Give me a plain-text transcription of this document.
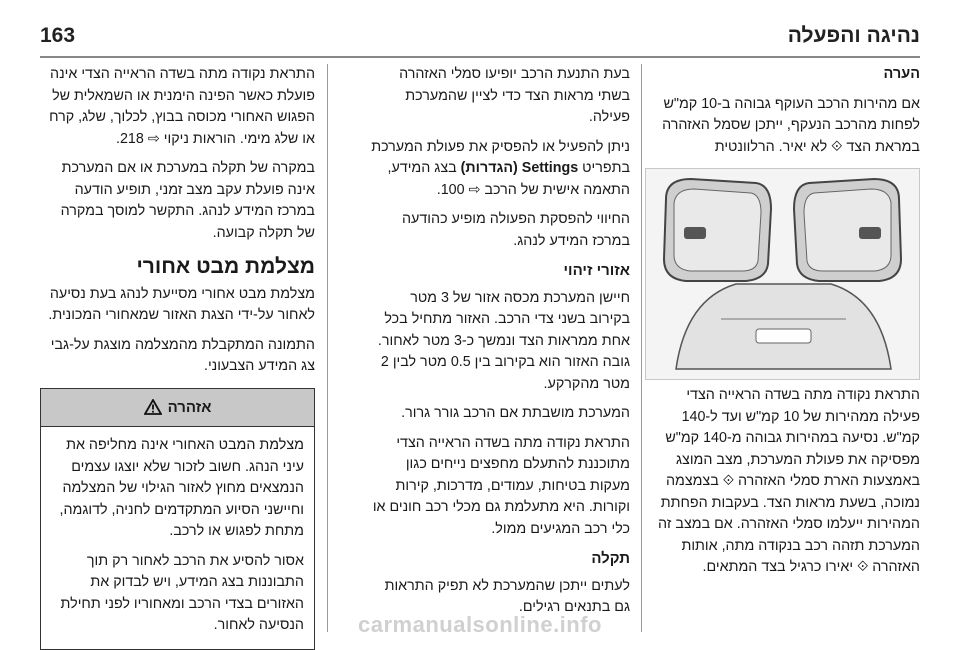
נהיגה והפעלה
163

הערה

אם מהירות הרכב העוקף גבוהה ב-10 קמ"ש לפחות מהרכב הנעקף, ייתכן שסמל האזהרה במראת הצד ⟐ לא יאיר. הרלוונטית

התראת נקודה מתה בשדה הראייה הצדי פעילה ממהירות של 10 קמ"ש ועד ל-140 קמ"ש. נסיעה במהירות גבוהה מ-140 קמ"ש מפסיקה את פעולת המערכת, מצב המוצג באמצעות הארת סמלי האזהרה ⟐ בצמצמה נמוכה, בשעת מראות הצד. בעקבות הפחתת המהירות ייעלמו סמלי האזהרה. אם במצב זה המערכת תזהה רכב בנקודה מתה, אותות האזהרה ⟐ יאירו כרגיל בצד המתאים.

בעת התנעת הרכב יופיעו סמלי האזהרה בשתי מראות הצד כדי לציין שהמערכת פעילה.

ניתן להפעיל או להפסיק את פעולת המערכת בתפריט Settings (הגדרות) בצג המידע, התאמה אישית של הרכב ⇨ 100.

החיווי להפסקת הפעולה מופיע כהודעה במרכז המידע לנהג.

אזורי זיהוי

חיישן המערכת מכסה אזור של 3 מטר בקירוב בשני צדי הרכב. האזור מתחיל בכל אחת ממראות הצד ונמשך כ-3 מטר לאחור. גובה האזור הוא בקירוב בין 0.5 מטר לבין 2 מטר מהקרקע.

המערכת מושבתת אם הרכב גורר גרור.

התראת נקודה מתה בשדה הראייה הצדי מתוכננת להתעלם מחפצים נייחים כגון מעקות בטיחות, עמודים, מדרכות, קירות וקורות. היא מתעלמת גם מכלי רכב חונים או כלי רכב המגיעים ממול.

תקלה

לעתים ייתכן שהמערכת לא תפיק התראות גם בתנאים רגילים.

התראת נקודה מתה בשדה הראייה הצדי אינה פועלת כאשר הפינה הימנית או השמאלית של הפגוש האחורי מכוסה בבוץ, לכלוך, שלג, קרח או שלג מימי. הוראות ניקוי ⇨ 218.

במקרה של תקלה במערכת או אם המערכת אינה פועלת עקב מצב זמני, תופיע הודעה במרכז המידע לנהג. התקשר למוסך במקרה של תקלה קבועה.

מצלמת מבט אחורי

מצלמת מבט אחורי מסייעת לנהג בעת נסיעה לאחור על-ידי הצגת האזור שמאחורי המכונית.

התמונה המתקבלת מהמצלמה מוצגת על-גבי צג המידע הצבעוני.

אזהרה

מצלמת המבט האחורי אינה מחליפה את עיני הנהג. חשוב לזכור שלא יוצגו עצמים הנמצאים מחוץ לאזור הגילוי של המצלמה וחיישני הסיוע המתקדמים לחניה, לדוגמה, מתחת לפגוש או לרכב.

אסור להסיע את הרכב לאחור רק תוך התבוננות בצג המידע, ויש לבדוק את האזורים בצדי הרכב ומאחוריו לפני תחילת הנסיעה לאחור.	carmanualsonline.info
